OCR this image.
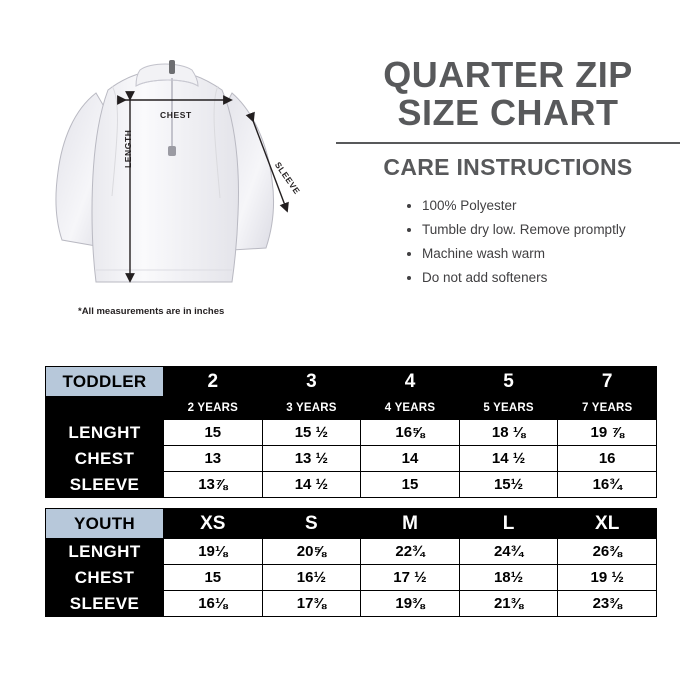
CHEST
LENGTH
SLEEVE
*All measurements are in inches
QUARTER ZIP
SIZE CHART
CARE INSTRUCTIONS
• 100% Polyester
• Tumble dry low. Remove promptly
• Machine wash warm
• Do not add softeners
TODDLER	2	3	4	5	7
	2 YEARS	3 YEARS	4 YEARS	5 YEARS	7 YEARS
LENGHT	15	15 ½	16⅝	18 ⅛	19 ⅞
CHEST	13	13 ½	14	14 ½	16
SLEEVE	13⅞	14 ½	15	15½	16¾
YOUTH	XS	S	M	L	XL
LENGHT	19⅛	20⅝	22¾	24¾	26⅜
CHEST	15	16½	17 ½	18½	19 ½
SLEEVE	16⅛	17⅜	19⅜	21⅜	23⅜
